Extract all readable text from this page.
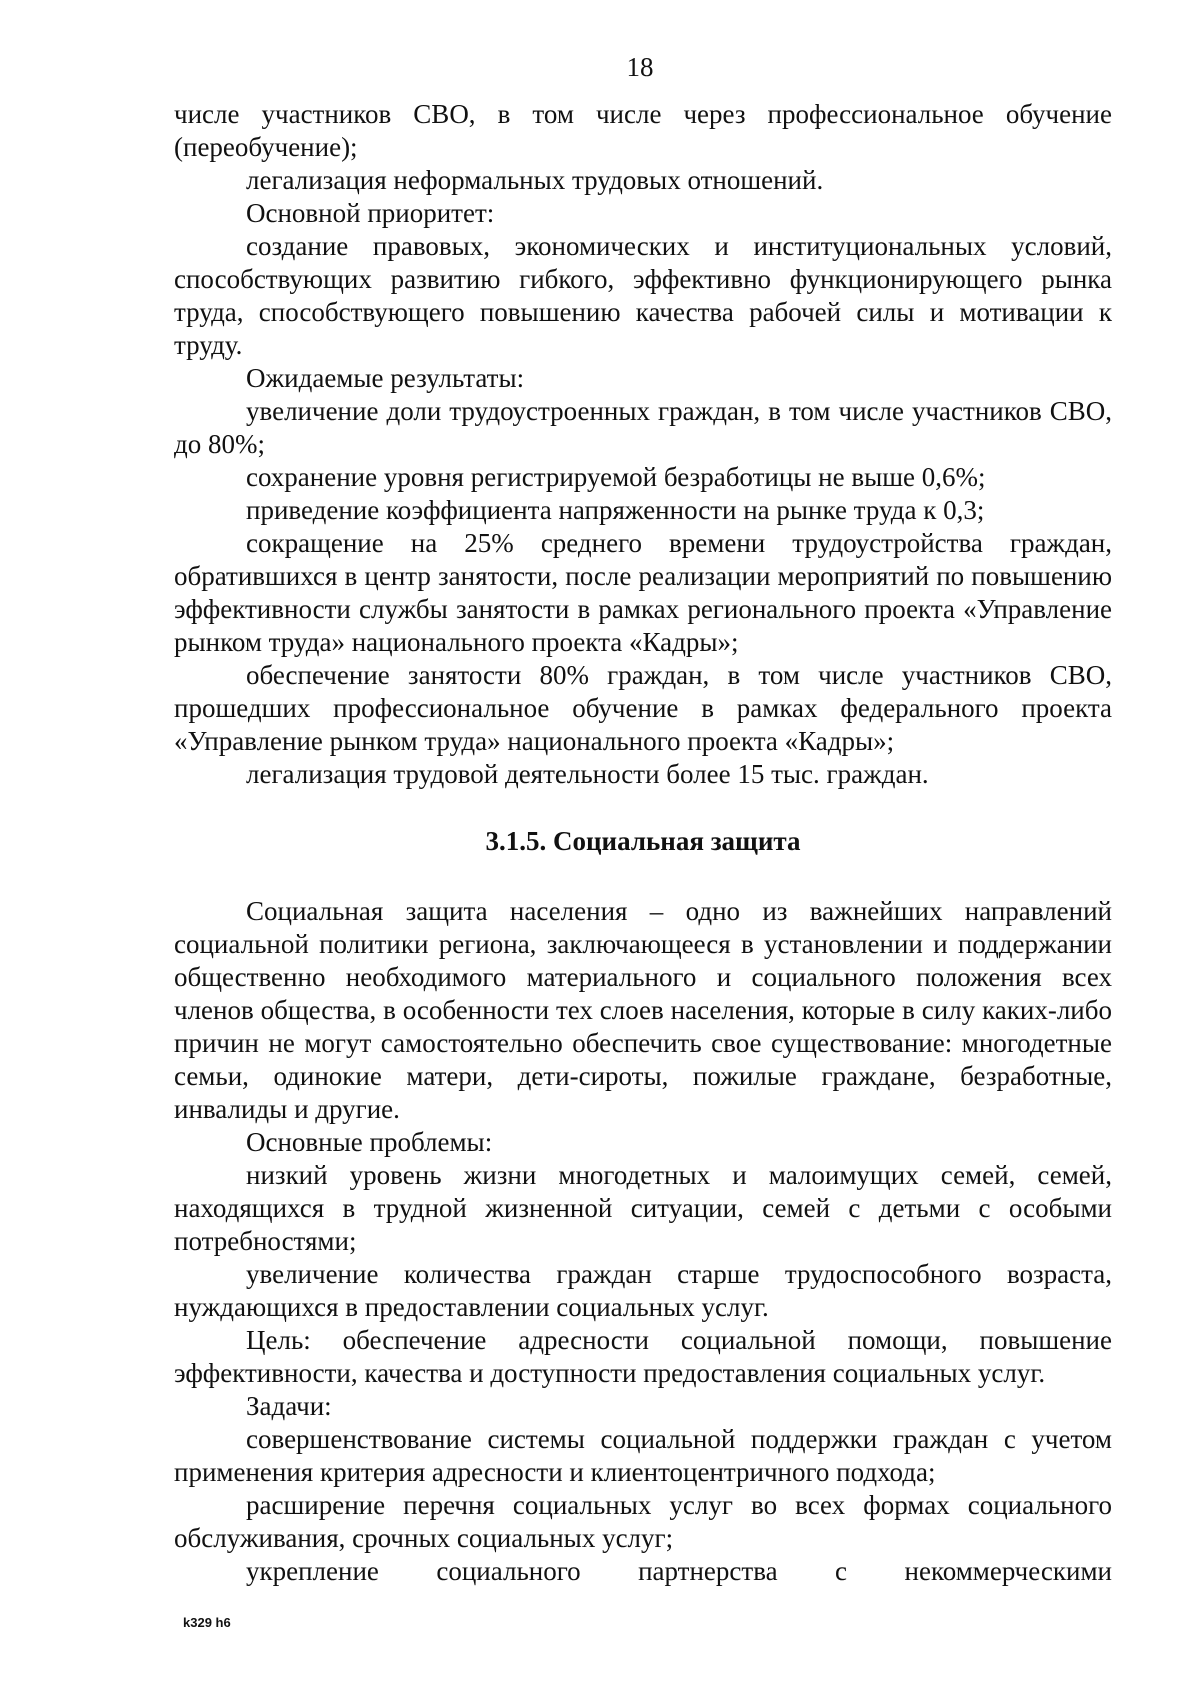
18

числе участников СВО, в том числе через профессиональное обучение (переобучение);

легализация неформальных трудовых отношений.

Основной приоритет:

создание правовых, экономических и институциональных условий, способствующих развитию гибкого, эффективно функционирующего рынка труда, способствующего повышению качества рабочей силы и мотивации к труду.

Ожидаемые результаты:

увеличение доли трудоустроенных граждан, в том числе участников СВО, до 80%;

сохранение уровня регистрируемой безработицы не выше 0,6%;

приведение коэффициента напряженности на рынке труда к 0,3;

сокращение на 25% среднего времени трудоустройства граждан, обратившихся в центр занятости, после реализации мероприятий по повышению эффективности службы занятости в рамках регионального проекта «Управление рынком труда» национального проекта «Кадры»;

обеспечение занятости 80% граждан, в том числе участников СВО, прошедших профессиональное обучение в рамках федерального проекта «Управление рынком труда» национального проекта «Кадры»;

легализация трудовой деятельности более 15 тыс. граждан.

3.1.5. Социальная защита

Социальная защита населения – одно из важнейших направлений социальной политики региона, заключающееся в установлении и поддержании общественно необходимого материального и социального положения всех членов общества, в особенности тех слоев населения, которые в силу каких-либо причин не могут самостоятельно обеспечить свое существование: многодетные семьи, одинокие матери, дети-сироты, пожилые граждане, безработные, инвалиды и другие.

Основные проблемы:

низкий уровень жизни многодетных и малоимущих семей, семей, находящихся в трудной жизненной ситуации, семей с детьми с особыми потребностями;

увеличение количества граждан старше трудоспособного возраста, нуждающихся в предоставлении социальных услуг.

Цель: обеспечение адресности социальной помощи, повышение эффективности, качества и доступности предоставления социальных услуг.

Задачи:

совершенствование системы социальной поддержки граждан с учетом применения критерия адресности и клиентоцентричного подхода;

расширение перечня социальных услуг во всех формах социального обслуживания, срочных социальных услуг;

укрепление социального партнерства с некоммерческими

k329 h6
